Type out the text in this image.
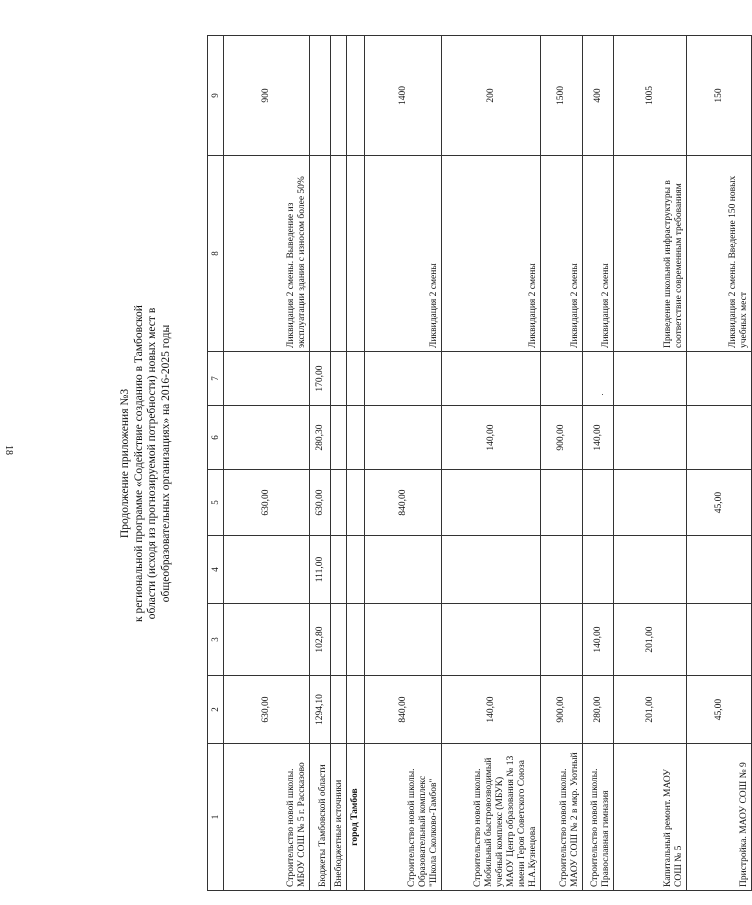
18	Продолжение приложения №3 к региональной программе «Содействие созданию в Тамбовской области (исходя из прогнозируемой потребности) новых мест в общеобразовательных организациях» на 2016-2025 годы
1	2	3	4	5	6	7	8	9
Строительство новой школы. МБОУ СОШ № 5 г. Рассказово	630,00			630,00			Ликвидация 2 смены. Выведение из эксплуатации здания с износом более 50%	900
Бюджеты Тамбовской области	1294,10	102,80	111,00	630,00	280,30	170,00		
Внебюджетные источники								
город Тамбов								
Строительство новой школы. Образовательный комплекс "Школа Сколково-Тамбов"	840,00			840,00			Ликвидация 2 смены	1400
Строительство новой школы. Мобильный быстровозводимый учебный комплекс (МБУК) МАОУ Центр образования № 13 имени Героя Советского Союза Н.А.Кузнецова	140,00				140,00		Ликвидация 2 смены	200
Строительство новой школы. МАОУ СОШ № 2 в мкр. Уютный	900,00				900,00		Ликвидация 2 смены	1500
Строительство новой школы. Православная гимназия	280,00	140,00			140,00		Ликвидация 2 смены	400
Капитальный ремонт. МАОУ СОШ № 5	201,00	201,00					Приведение школьной инфраструктуры в соответствие современным требованиям	1005
Пристройка. МАОУ СОШ № 9	45,00			45,00			Ликвидация 2 смены. Введение 150 новых учебных мест	150
